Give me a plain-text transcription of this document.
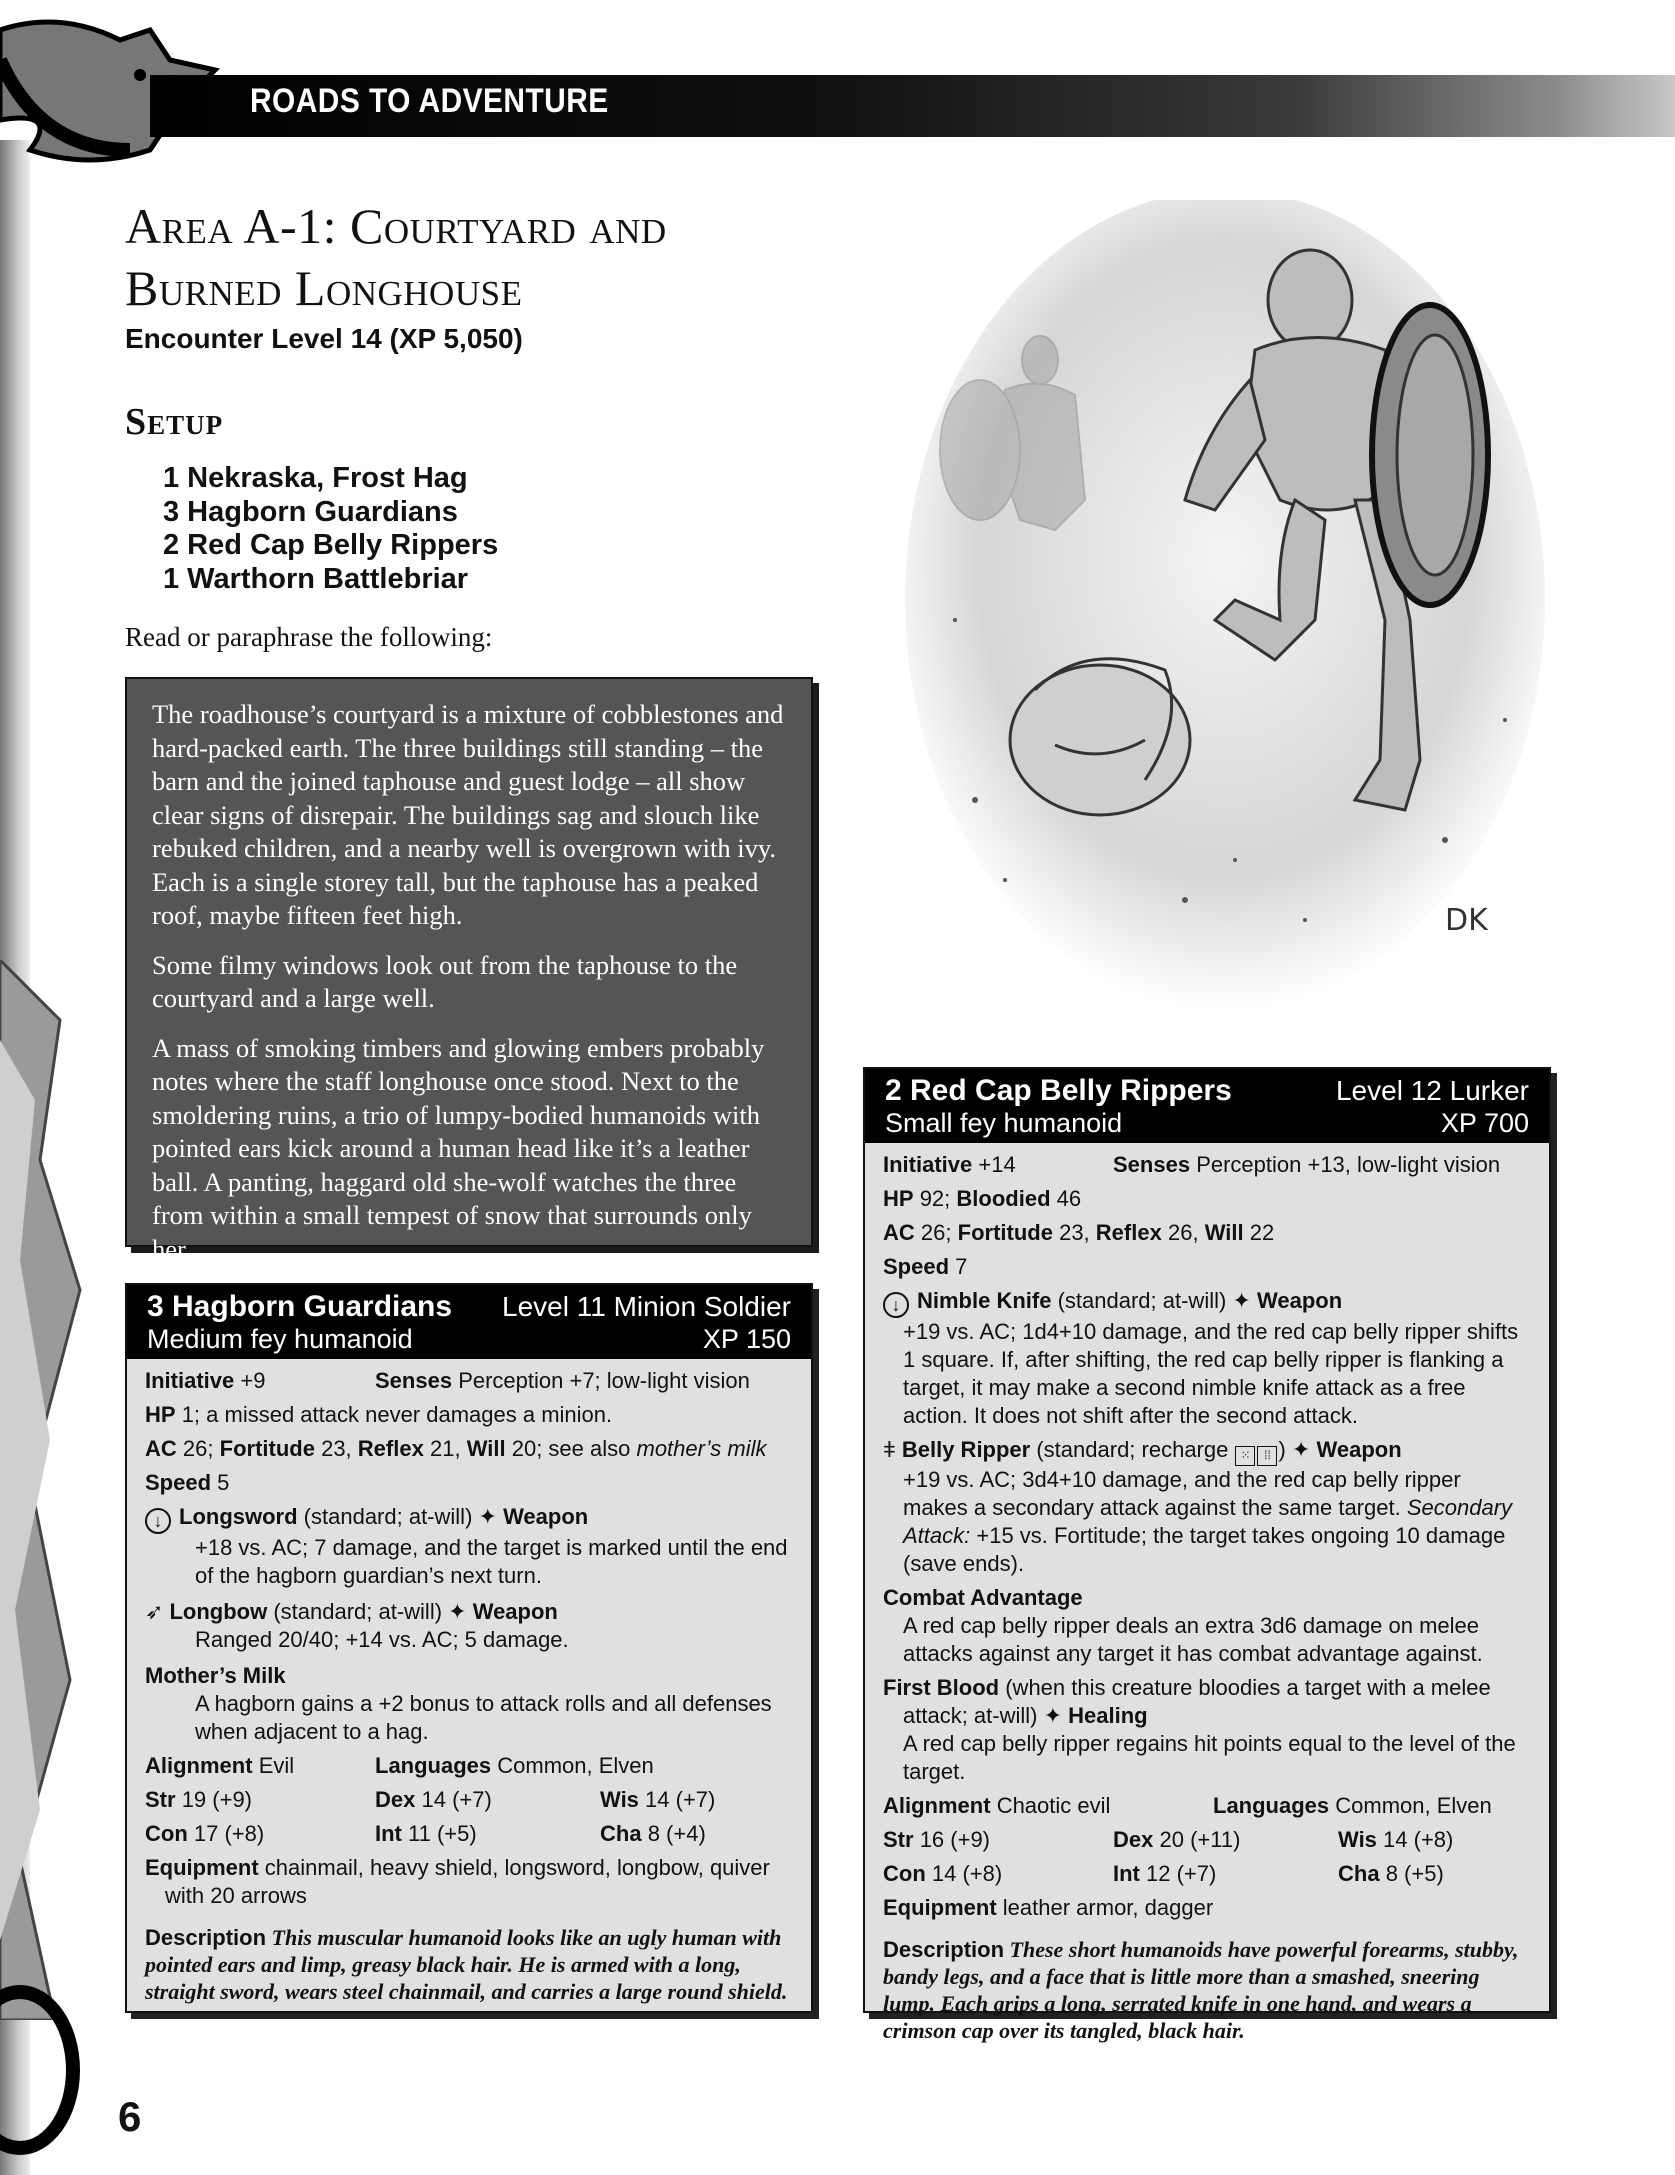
ROADS TO ADVENTURE
Area A-1: Courtyard and
Burned Longhouse
Encounter Level 14 (XP 5,050)
Setup
1 Nekraska, Frost Hag
3 Hagborn Guardians
2 Red Cap Belly Rippers
1 Warthorn Battlebriar
Read or paraphrase the following:

The roadhouse’s courtyard is a mixture of cobblestones and hard-packed earth. The three buildings still standing – the barn and the joined taphouse and guest lodge – all show clear signs of disrepair. The buildings sag and slouch like rebuked children, and a nearby well is overgrown with ivy. Each is a single storey tall, but the taphouse has a peaked roof, maybe fifteen feet high.

Some filmy windows look out from the taphouse to the courtyard and a large well.

A mass of smoking timbers and glowing embers probably notes where the staff longhouse once stood. Next to the smoldering ruins, a trio of lumpy-bodied humanoids with pointed ears kick around a human head like it’s a leather ball. A panting, haggard old she-wolf watches the three from within a small tempest of snow that surrounds only her.

DK
3 Hagborn Guardians Level 11 Minion Soldier
Medium fey humanoid	XP 150
Initiative +9	Senses Perception +7; low-light vision
HP 1; a missed attack never damages a minion.
AC 26; Fortitude 23, Reflex 21, Will 20; see also mother’s milk
Speed 5
↓ Longsword (standard; at-will) ✦ Weapon
+18 vs. AC; 7 damage, and the target is marked until the end of the hagborn guardian’s next turn.
➶ Longbow (standard; at-will) ✦ Weapon
Ranged 20/40; +14 vs. AC; 5 damage.
Mother’s Milk
A hagborn gains a +2 bonus to attack rolls and all defenses when adjacent to a hag.
Alignment Evil	Languages Common, Elven
Str 19 (+9)	Dex 14 (+7)	Wis 14 (+7)
Con 17 (+8)	Int 11 (+5)	Cha 8 (+4)
Equipment chainmail, heavy shield, longsword, longbow, quiver with 20 arrows
Description This muscular humanoid looks like an ugly human with pointed ears and limp, greasy black hair. He is armed with a long, straight sword, wears steel chainmail, and carries a large round shield.
2 Red Cap Belly Rippers	Level 12 Lurker
Small fey humanoid	XP 700
Initiative +14	Senses Perception +13, low-light vision
HP 92; Bloodied 46
AC 26; Fortitude 23, Reflex 26, Will 22
Speed 7
↓ Nimble Knife (standard; at-will) ✦ Weapon
+19 vs. AC; 1d4+10 damage, and the red cap belly ripper shifts 1 square. If, after shifting, the red cap belly ripper is flanking a target, it may make a second nimble knife attack as a free action. It does not shift after the second attack.
ǂ Belly Ripper (standard; recharge ⁙ ⁞⁞ ) ✦ Weapon
+19 vs. AC; 3d4+10 damage, and the red cap belly ripper makes a secondary attack against the same target. Secondary Attack: +15 vs. Fortitude; the target takes ongoing 10 damage (save ends).
Combat Advantage
A red cap belly ripper deals an extra 3d6 damage on melee attacks against any target it has combat advantage against.
First Blood (when this creature bloodies a target with a melee attack; at-will) ✦ Healing
A red cap belly ripper regains hit points equal to the level of the target.
Alignment Chaotic evil	Languages Common, Elven
Str 16 (+9)	Dex 20 (+11)	Wis 14 (+8)
Con 14 (+8)	Int 12 (+7)	Cha 8 (+5)
Equipment leather armor, dagger
Description These short humanoids have powerful forearms, stubby, bandy legs, and a face that is little more than a smashed, sneering lump. Each grips a long, serrated knife in one hand, and wears a crimson cap over its tangled, black hair.
6
